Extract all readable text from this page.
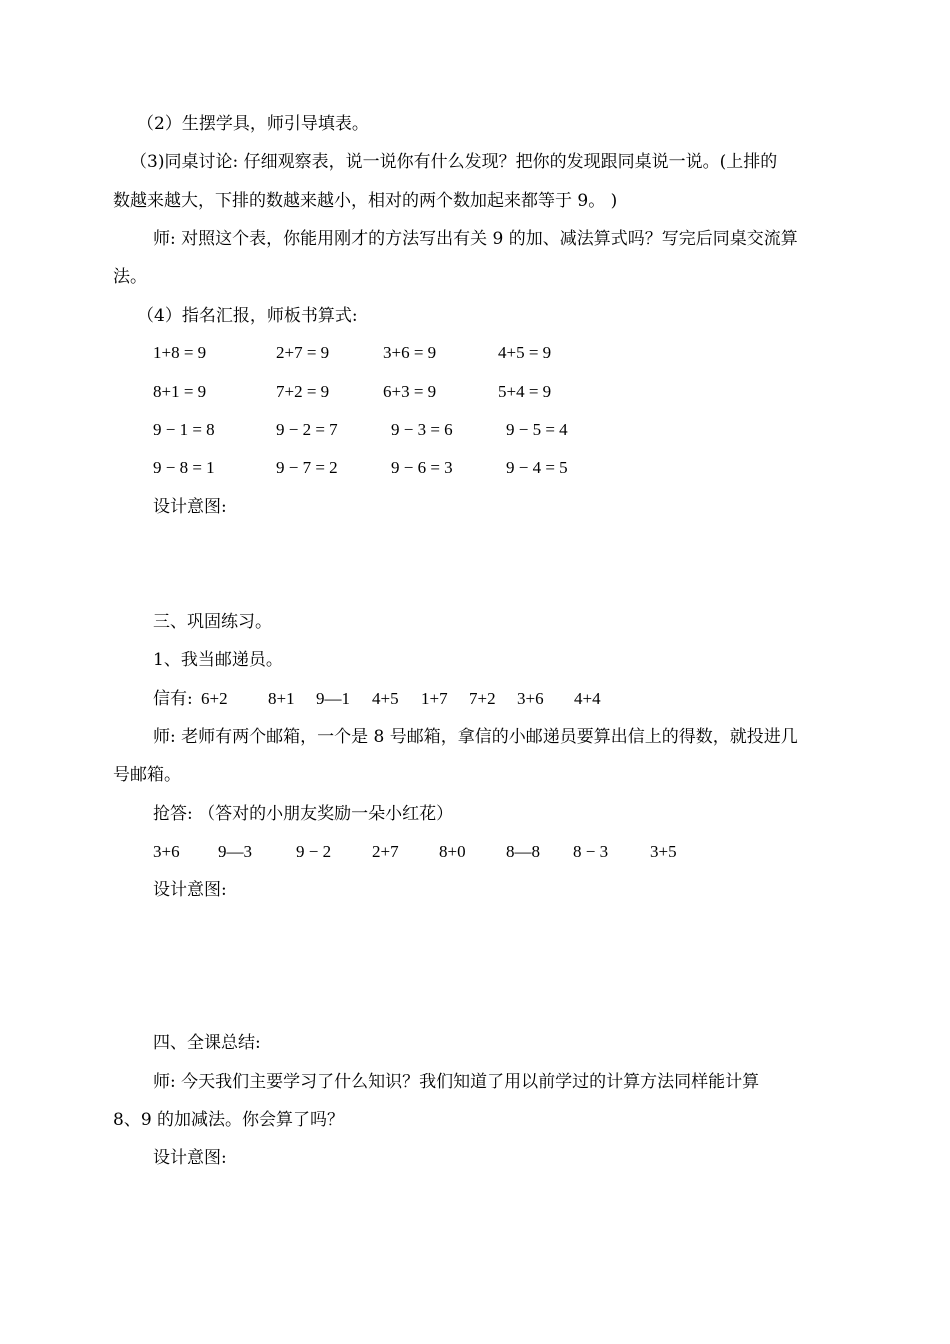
（2）生摆学具，师引导填表。
（3)同桌讨论: 仔细观察表，说一说你有什么发现？把你的发现跟同桌说一说。(上排的
数越来越大，下排的数越来越小，相对的两个数加起来都等于 9。 )
师: 对照这个表，你能用刚才的方法写出有关 9 的加、减法算式吗？写完后同桌交流算
法。
（4）指名汇报，师板书算式:
1+8 = 9	2+7 = 9	3+6 = 9	4+5 = 9
8+1 = 9	7+2 = 9	6+3 = 9	5+4 = 9
9 − 1 = 8	9 − 2 = 7	9 − 3 = 6	9 − 5 = 4
9 − 8 = 1	9 − 7 = 2	9 − 6 = 3	9 − 4 = 5
设计意图:
三、巩固练习。
1、我当邮递员。
信有: 6+2 8+1 9—1 4+5 1+7 7+2 3+6 4+4
师: 老师有两个邮箱，一个是 8 号邮箱，拿信的小邮递员要算出信上的得数，就投进几
号邮箱。
抢答: （答对的小朋友奖励一朵小红花）
3+6 9—3	9 − 2 2+7 8+0 8—8 8 − 3 3+5
设计意图:
四、全课总结:
师: 今天我们主要学习了什么知识？我们知道了用以前学过的计算方法同样能计算
8、9 的加减法。你会算了吗？
设计意图:
